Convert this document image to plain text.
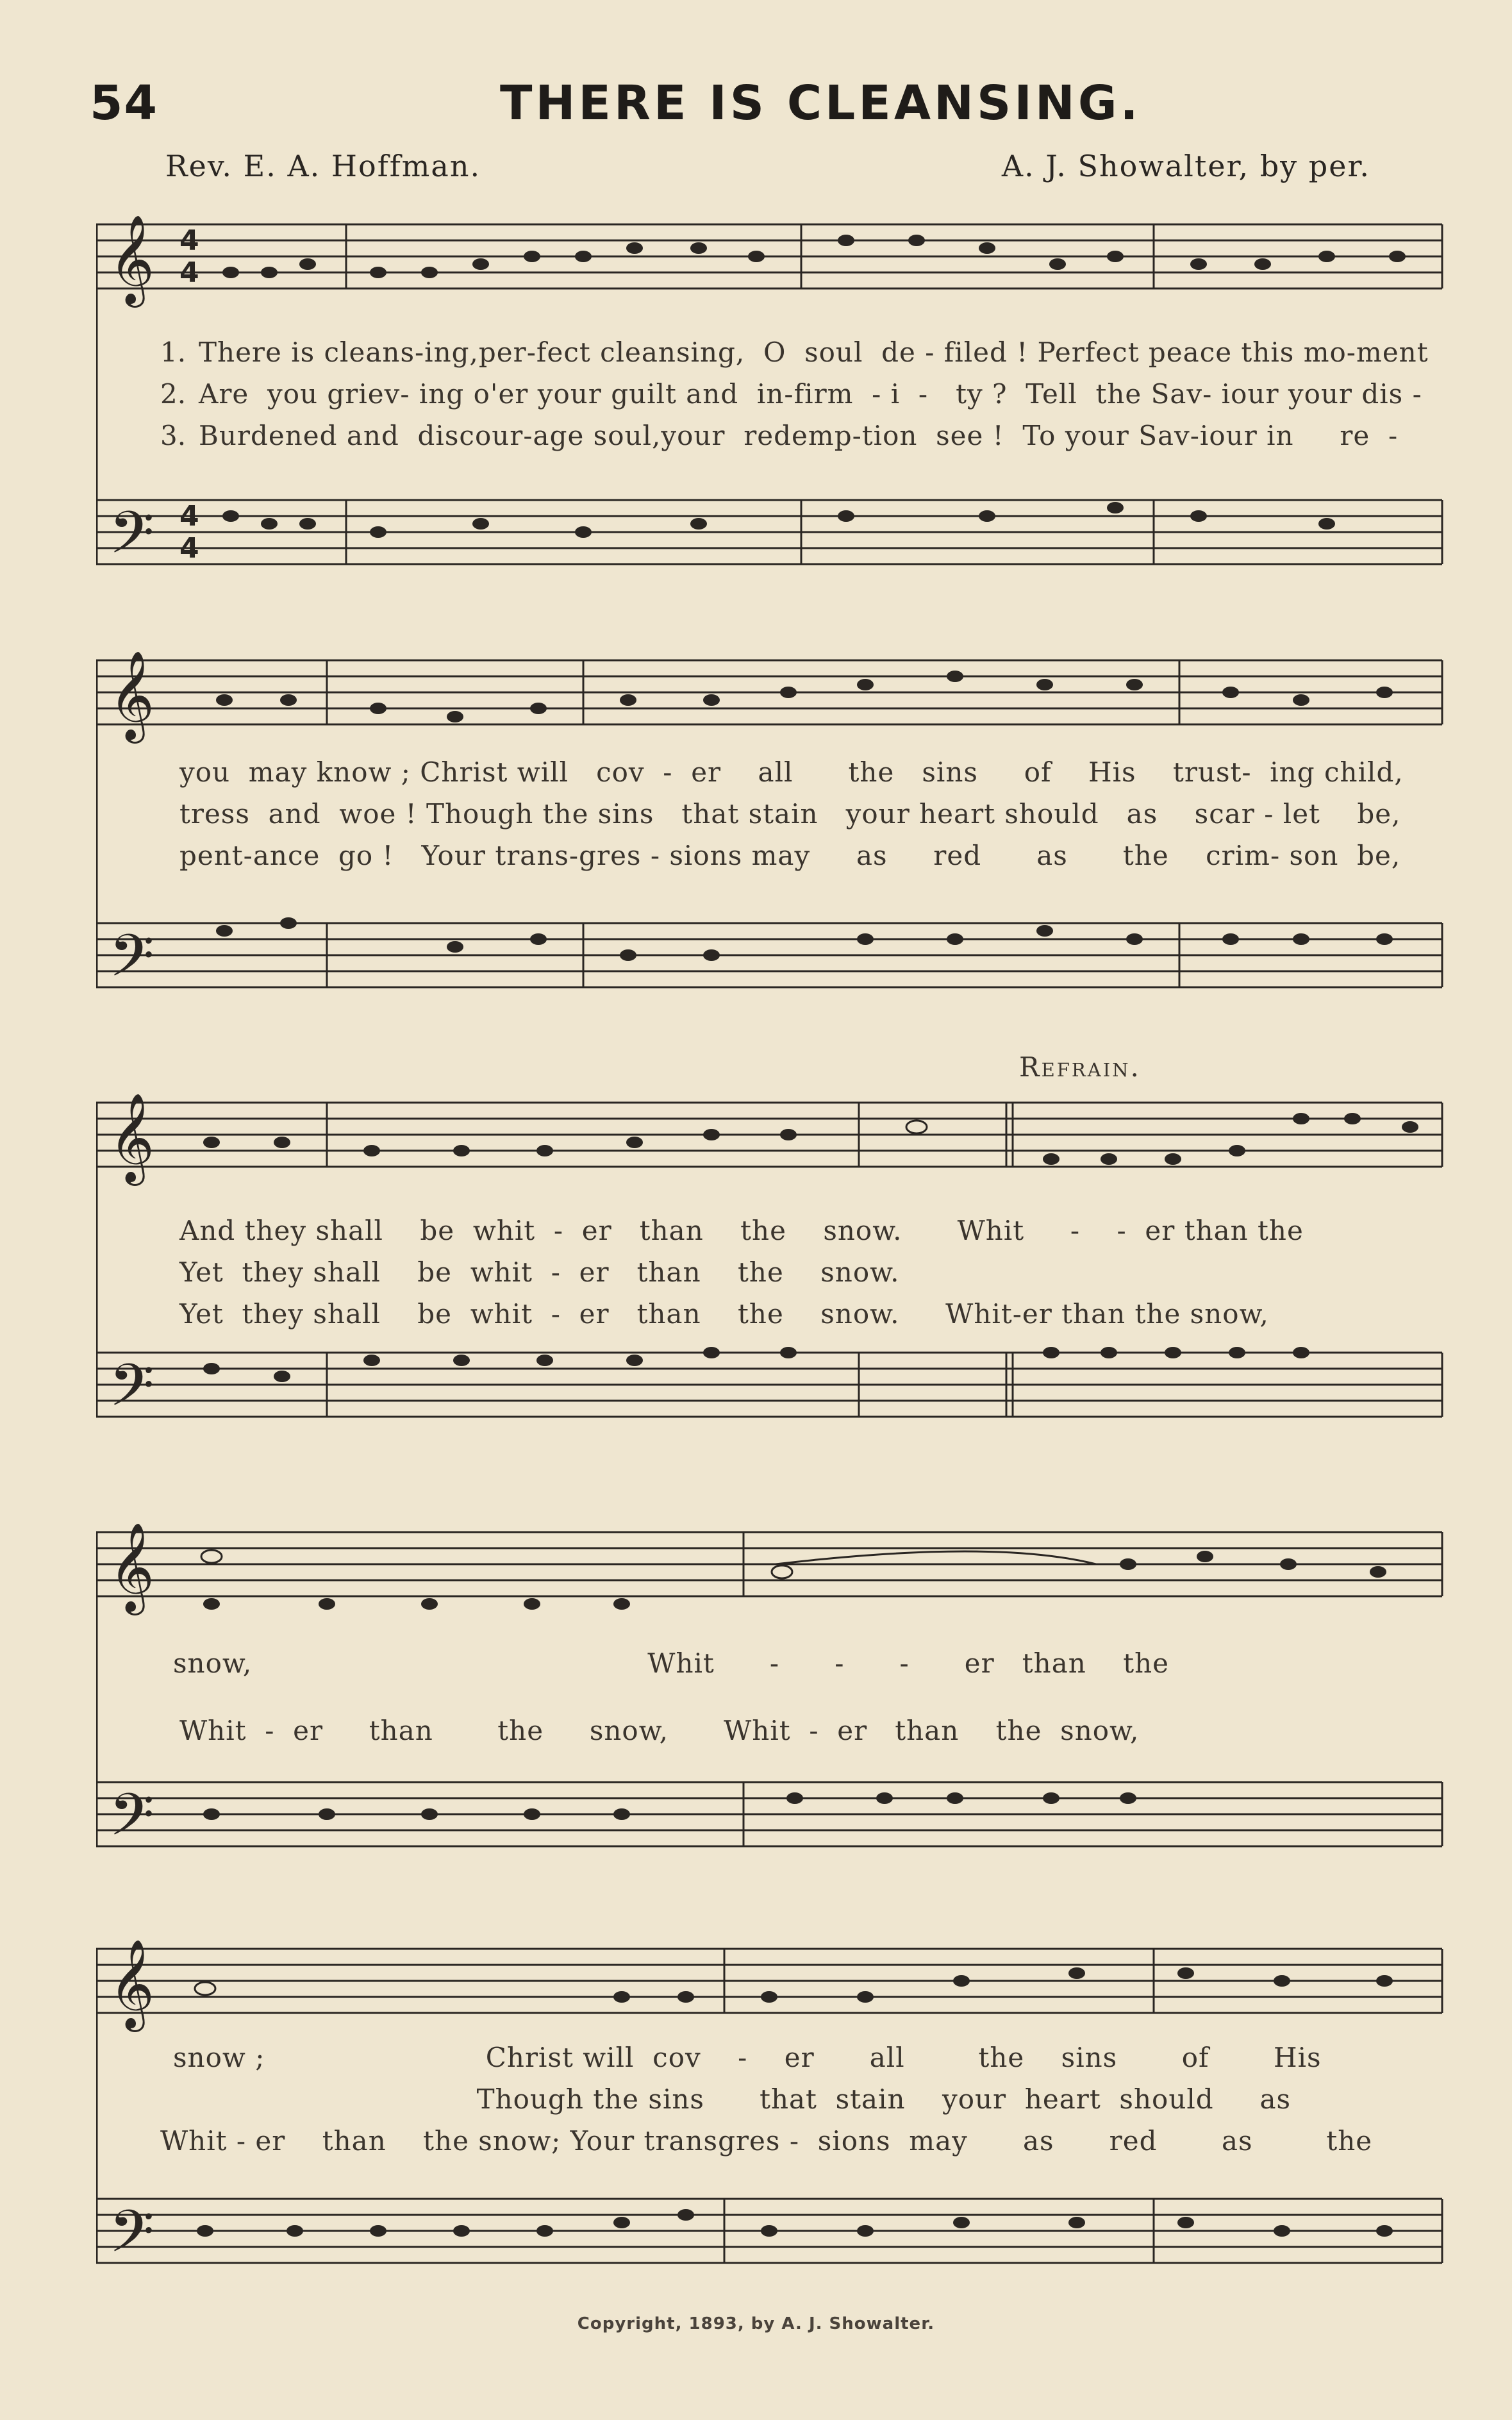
54	THERE IS CLEANSING.
Rev. E. A. Hoffman.	A. J. Showalter, by per.
𝄞
𝄢
4
4
4
4

1.

There is cleans-ing,per-fect cleansing,  O  soul  de - filed ! Perfect peace this mo-ment

2.

Are  you griev- ing o'er your guilt and  in-firm  - i  -   ty ?  Tell  the Sav- iour your dis -

3.

Burdened and  discour-age soul,your  redemp-tion  see !  To your Sav-iour in     re  -

𝄞
𝄢

you  may know ; Christ will   cov  -  er    all      the   sins     of    His    trust-  ing child,

tress  and  woe ! Though the sins   that stain   your heart should   as    scar - let    be,

pent-ance  go !   Your trans-gres - sions may     as     red      as      the    crim- son  be,

𝄞
𝄢
Refrain.

And they shall    be  whit  -  er   than    the    snow.      Whit     -    -  er than the

Yet  they shall    be  whit  -  er   than    the    snow.

Yet  they shall    be  whit  -  er   than    the    snow.     Whit-er than the snow,

𝄞
𝄢

snow,                                           Whit      -      -      -      er   than    the

Whit  -  er     than       the     snow,      Whit  -  er   than    the  snow,

𝄞
𝄢

snow ;                        Christ will  cov    -    er      all        the    sins       of       His

Though the sins      that  stain    your  heart  should     as

Whit - er    than    the snow; Your transgres -  sions  may      as      red       as        the

Copyright, 1893, by A. J. Showalter.
